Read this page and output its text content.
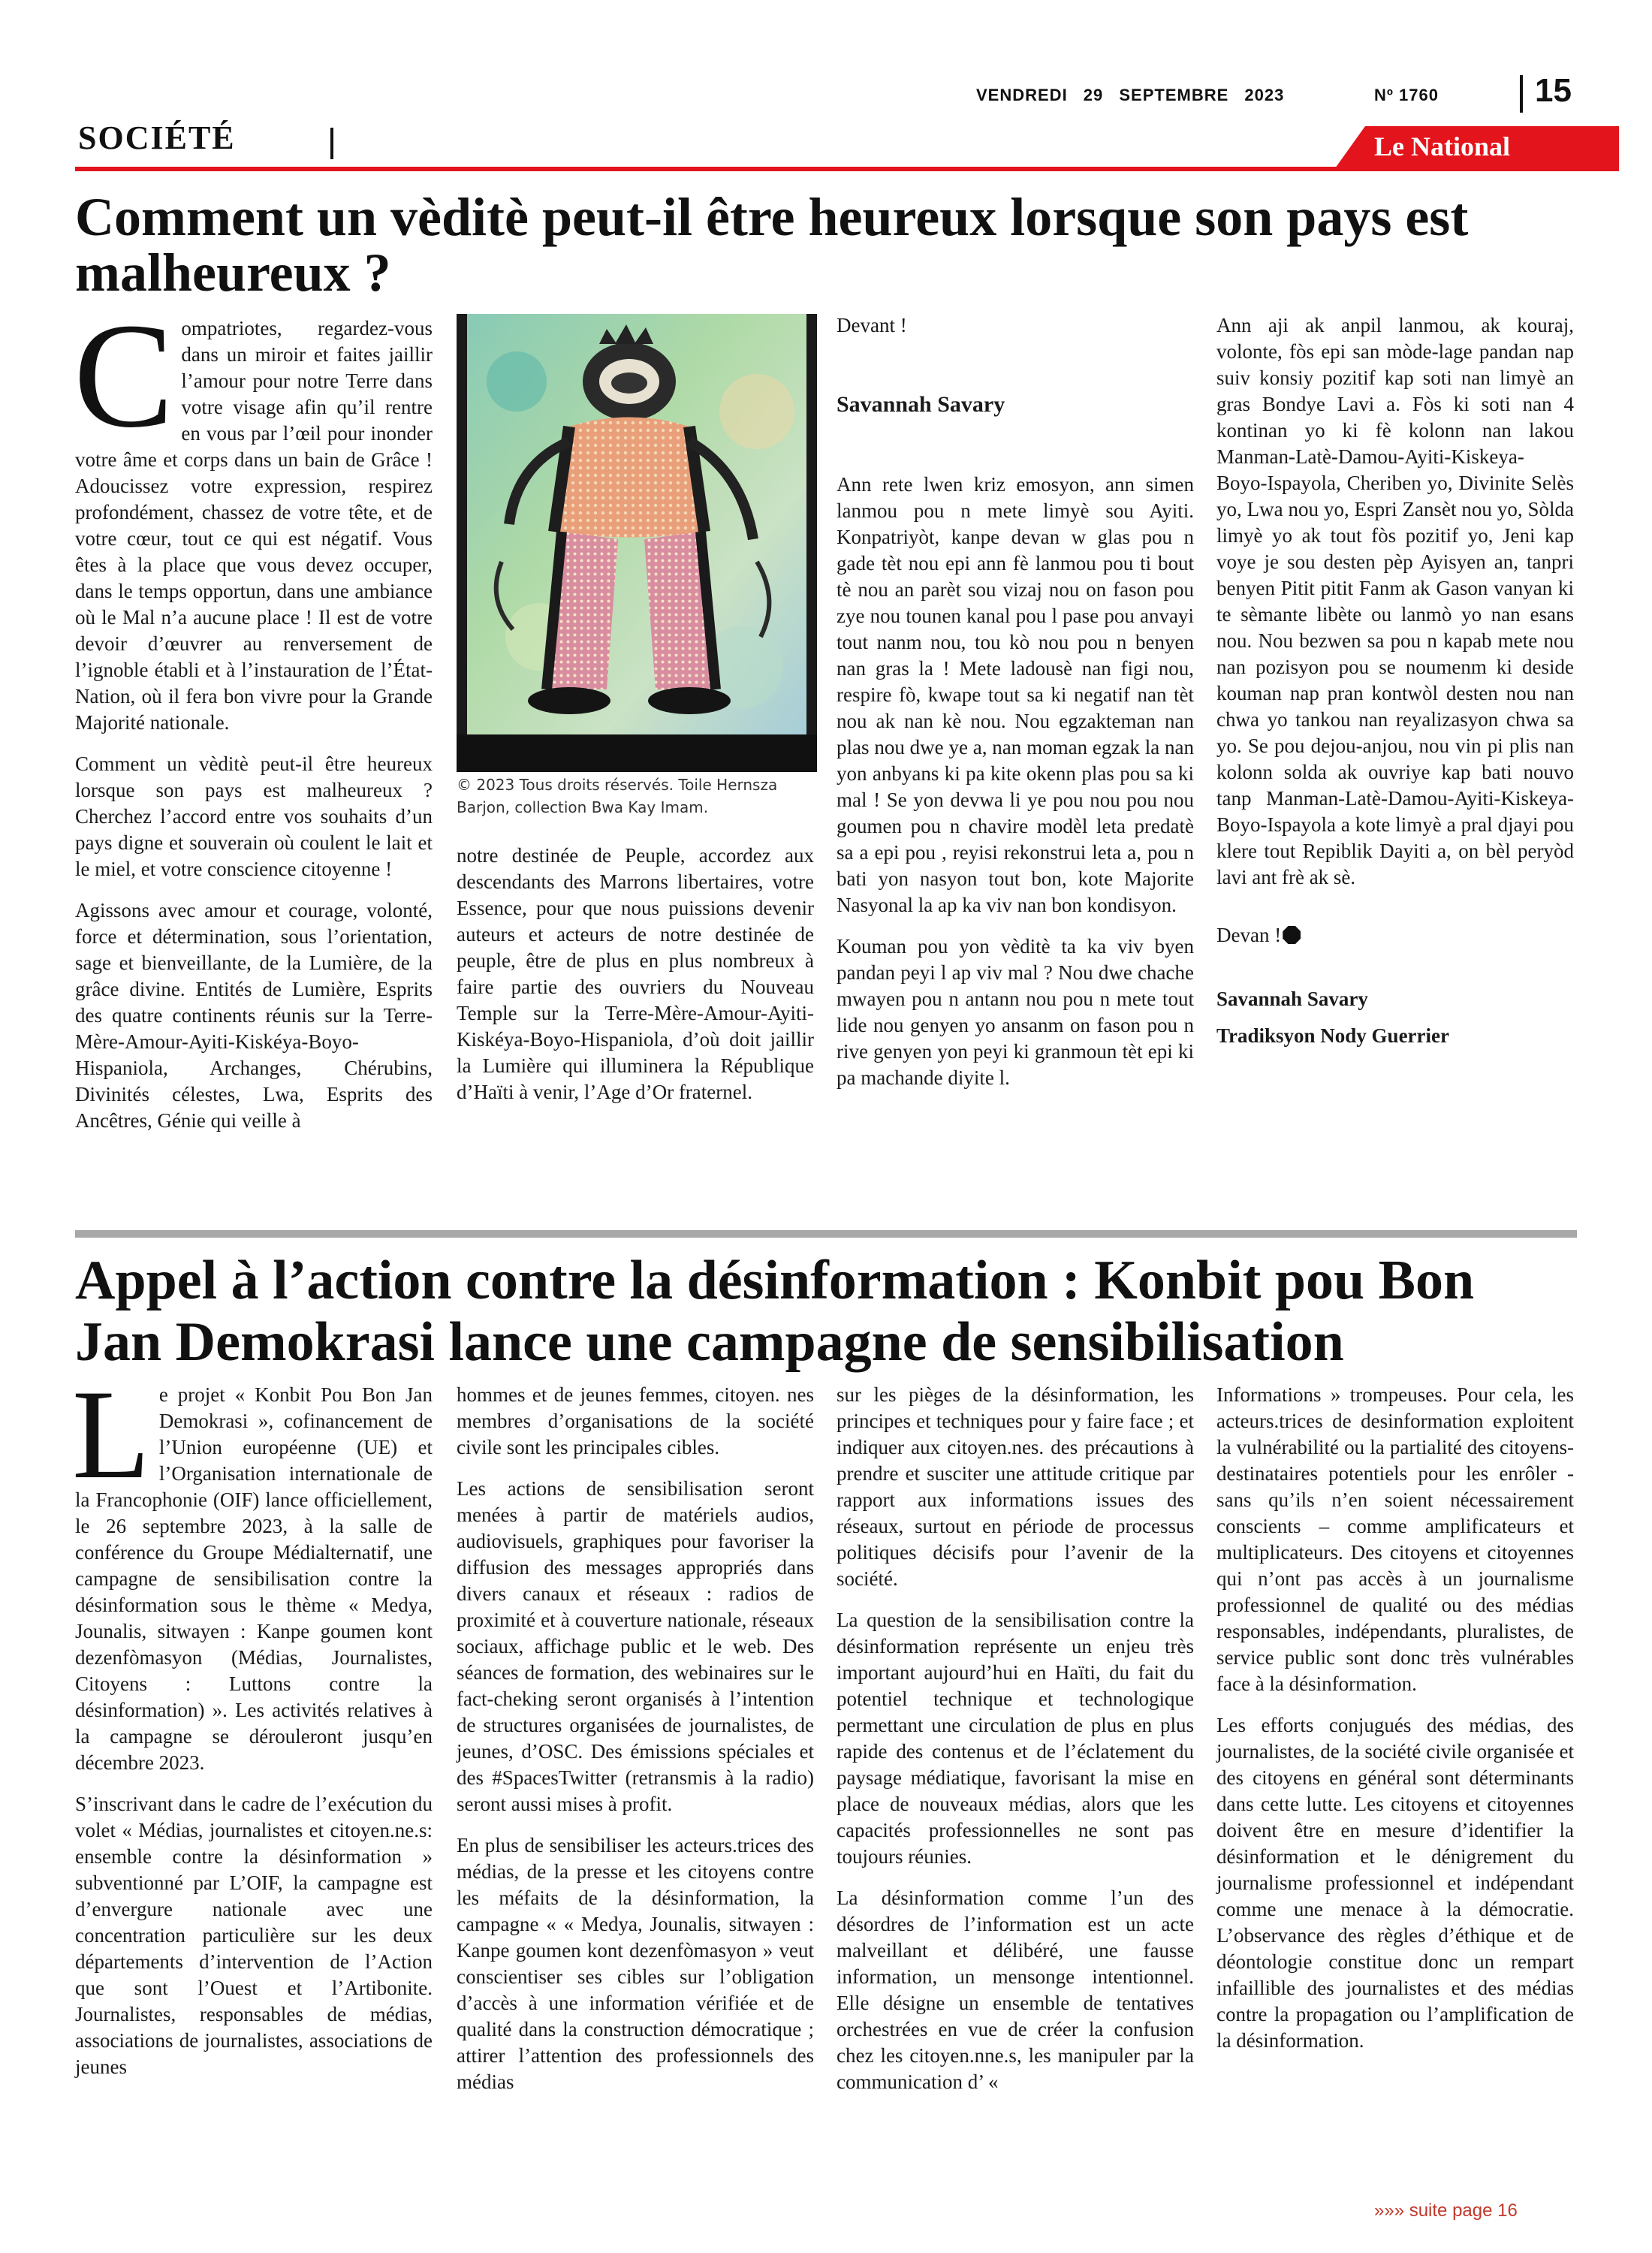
VENDREDI 29 SEPTEMBRE 2023	Nº 1760	15
SOCIÉTÉ	Le National
Comment un vèditè peut-il être heureux lorsque son pays est malheureux ?

Compatriotes, regardez-vous dans un miroir et faites jaillir l’amour pour notre Terre dans votre visage afin qu’il rentre en vous par l’œil pour inonder votre âme et corps dans un bain de Grâce ! Adoucissez votre expression, respirez profondément, chassez de votre tête, et de votre cœur, tout ce qui est négatif. Vous êtes à la place que vous devez occuper, dans le temps opportun, dans une ambiance où le Mal n’a aucune place ! Il est de votre devoir d’œuvrer au renversement de l’ignoble établi et à l’instauration de l’État-Nation, où il fera bon vivre pour la Grande Majorité nationale.

Comment un vèditè peut-il être heureux lorsque son pays est malheureux ? Cherchez l’accord entre vos souhaits d’un pays digne et souverain où coulent le lait et le miel, et votre conscience citoyenne !

Agissons avec amour et courage, volonté, force et détermination, sous l’orientation, sage et bienveillante, de la Lumière, de la grâce divine. Entités de Lumière, Esprits des quatre continents réunis sur la Terre-Mère-Amour-Ayiti-Kiskéya-Boyo-Hispaniola, Archanges, Chérubins, Divinités célestes, Lwa, Esprits des Ancêtres, Génie qui veille à

© 2023 Tous droits réservés. Toile Hernsza Barjon, collection Bwa Kay Imam.

notre destinée de Peuple, accordez aux descendants des Marrons libertaires, votre Essence, pour que nous puissions devenir auteurs et acteurs de notre destinée de peuple, être de plus en plus nombreux à faire partie des ouvriers du Nouveau Temple sur la Terre-Mère-Amour-Ayiti-Kiskéya-Boyo-Hispaniola, d’où doit jaillir la Lumière qui illuminera la République d’Haïti à venir, l’Age d’Or fraternel.

Devant !

Savannah Savary

Ann rete lwen kriz emosyon, ann simen lanmou pou n mete limyè sou Ayiti. Konpatriyòt, kanpe devan w glas pou n gade tèt nou epi ann fè lanmou pou ti bout tè nou an parèt sou vizaj nou on fason pou zye nou tounen kanal pou l pase pou anvayi tout nanm nou, tou kò nou pou n benyen nan gras la ! Mete ladousè nan figi nou, respire fò, kwape tout sa ki negatif nan tèt nou ak nan kè nou. Nou egzakteman nan plas nou dwe ye a, nan moman egzak la nan yon anbyans ki pa kite okenn plas pou sa ki mal ! Se yon devwa li ye pou nou pou nou goumen pou n chavire modèl leta predatè sa a epi pou , reyisi rekonstrui leta a, pou n bati yon nasyon tout bon, kote Majorite Nasyonal la ap ka viv nan bon kondisyon.

Kouman pou yon vèditè ta ka viv byen pandan peyi l ap viv mal ? Nou dwe chache mwayen pou n antann nou pou n mete tout lide nou genyen yo ansanm on fason pou n rive genyen yon peyi ki granmoun tèt epi ki pa machande diyite l.

Ann aji ak anpil lanmou, ak kouraj, volonte, fòs epi san mòde-lage pandan nap suiv konsiy pozitif kap soti nan limyè an gras Bondye Lavi a. Fòs ki soti nan 4 kontinan yo ki fè kolonn nan lakou Manman-Latè-Damou-Ayiti-Kiskeya-Boyo-Ispayola, Cheriben yo, Divinite Selès yo, Lwa nou yo, Espri Zansèt nou yo, Sòlda limyè yo ak tout fòs pozitif yo, Jeni kap voye je sou desten pèp Ayisyen an, tanpri benyen Pitit pitit Fanm ak Gason vanyan ki te sèmante libète ou lanmò yo nan esans nou. Nou bezwen sa pou n kapab mete nou nan pozisyon pou se noumenm ki deside kouman nap pran kontwòl desten nou nan chwa yo tankou nan reyalizasyon chwa sa yo. Se pou dejou-anjou, nou vin pi plis nan kolonn solda ak ouvriye kap bati nouvo tanp Manman-Latè-Damou-Ayiti-Kiskeya-Boyo-Ispayola a kote limyè a pral djayi pou klere tout Repiblik Dayiti a, on bèl peryòd lavi ant frè ak sè.

Devan !

Savannah Savary

Tradiksyon Nody Guerrier

Appel à l’action contre la désinformation : Konbit pou Bon
Jan Demokrasi lance une campagne de sensibilisation

Le projet « Konbit Pou Bon Jan Demokrasi », cofinancement de l’Union européenne (UE) et l’Organisation internationale de la Francophonie (OIF) lance officiellement, le 26 septembre 2023, à la salle de conférence du Groupe Médialternatif, une campagne de sensibilisation contre la désinformation sous le thème « Medya, Jounalis, sitwayen : Kanpe goumen kont dezenfòmasyon (Médias, Journalistes, Citoyens : Luttons contre la désinformation) ». Les activités relatives à la campagne se dérouleront jusqu’en décembre 2023.

S’inscrivant dans le cadre de l’exécution du volet « Médias, journalistes et citoyen.ne.s: ensemble contre la désinformation » subventionné par L’OIF, la campagne est d’envergure nationale avec une concentration particulière sur les deux départements d’intervention de l’Action que sont l’Ouest et l’Artibonite. Journalistes, responsables de médias, associations de journalistes, associations de jeunes

hommes et de jeunes femmes, citoyen. nes membres d’organisations de la société civile sont les principales cibles.

Les actions de sensibilisation seront menées à partir de matériels audios, audiovisuels, graphiques pour favoriser la diffusion des messages appropriés dans divers canaux et réseaux : radios de proximité et à couverture nationale, réseaux sociaux, affichage public et le web. Des séances de formation, des webinaires sur le fact-cheking seront organisés à l’intention de structures organisées de journalistes, de jeunes, d’OSC. Des émissions spéciales et des #SpacesTwitter (retransmis à la radio) seront aussi mises à profit.

En plus de sensibiliser les acteurs.trices des médias, de la presse et les citoyens contre les méfaits de la désinformation, la campagne « « Medya, Jounalis, sitwayen : Kanpe goumen kont dezenfòmasyon » veut conscientiser ses cibles sur l’obligation d’accès à une information vérifiée et de qualité dans la construction démocratique ; attirer l’attention des professionnels des médias

sur les pièges de la désinformation, les principes et techniques pour y faire face ; et indiquer aux citoyen.nes. des précautions à prendre et susciter une attitude critique par rapport aux informations issues des réseaux, surtout en période de processus politiques décisifs pour l’avenir de la société.

La question de la sensibilisation contre la désinformation représente un enjeu très important aujourd’hui en Haïti, du fait du potentiel technique et technologique permettant une circulation de plus en plus rapide des contenus et de l’éclatement du paysage médiatique, favorisant la mise en place de nouveaux médias, alors que les capacités professionnelles ne sont pas toujours réunies.

La désinformation comme l’un des désordres de l’information est un acte malveillant et délibéré, une fausse information, un mensonge intentionnel. Elle désigne un ensemble de tentatives orchestrées en vue de créer la confusion chez les citoyen.nne.s, les manipuler par la communication d’ «

Informations » trompeuses. Pour cela, les acteurs.trices de desinformation exploitent la vulnérabilité ou la partialité des citoyens-destinataires potentiels pour les enrôler -sans qu’ils n’en soient nécessairement conscients – comme amplificateurs et multiplicateurs. Des citoyens et citoyennes qui n’ont pas accès à un journalisme professionnel de qualité ou des médias responsables, indépendants, pluralistes, de service public sont donc très vulnérables face à la désinformation.

Les efforts conjugués des médias, des journalistes, de la société civile organisée et des citoyens en général sont déterminants dans cette lutte. Les citoyens et citoyennes doivent être en mesure d’identifier la désinformation et le dénigrement du journalisme professionnel et indépendant comme une menace à la démocratie. L’observance des règles d’éthique et de déontologie constitue donc un rempart infaillible des journalistes et des médias contre la propagation ou l’amplification de la désinformation.

»»» suite page 16
